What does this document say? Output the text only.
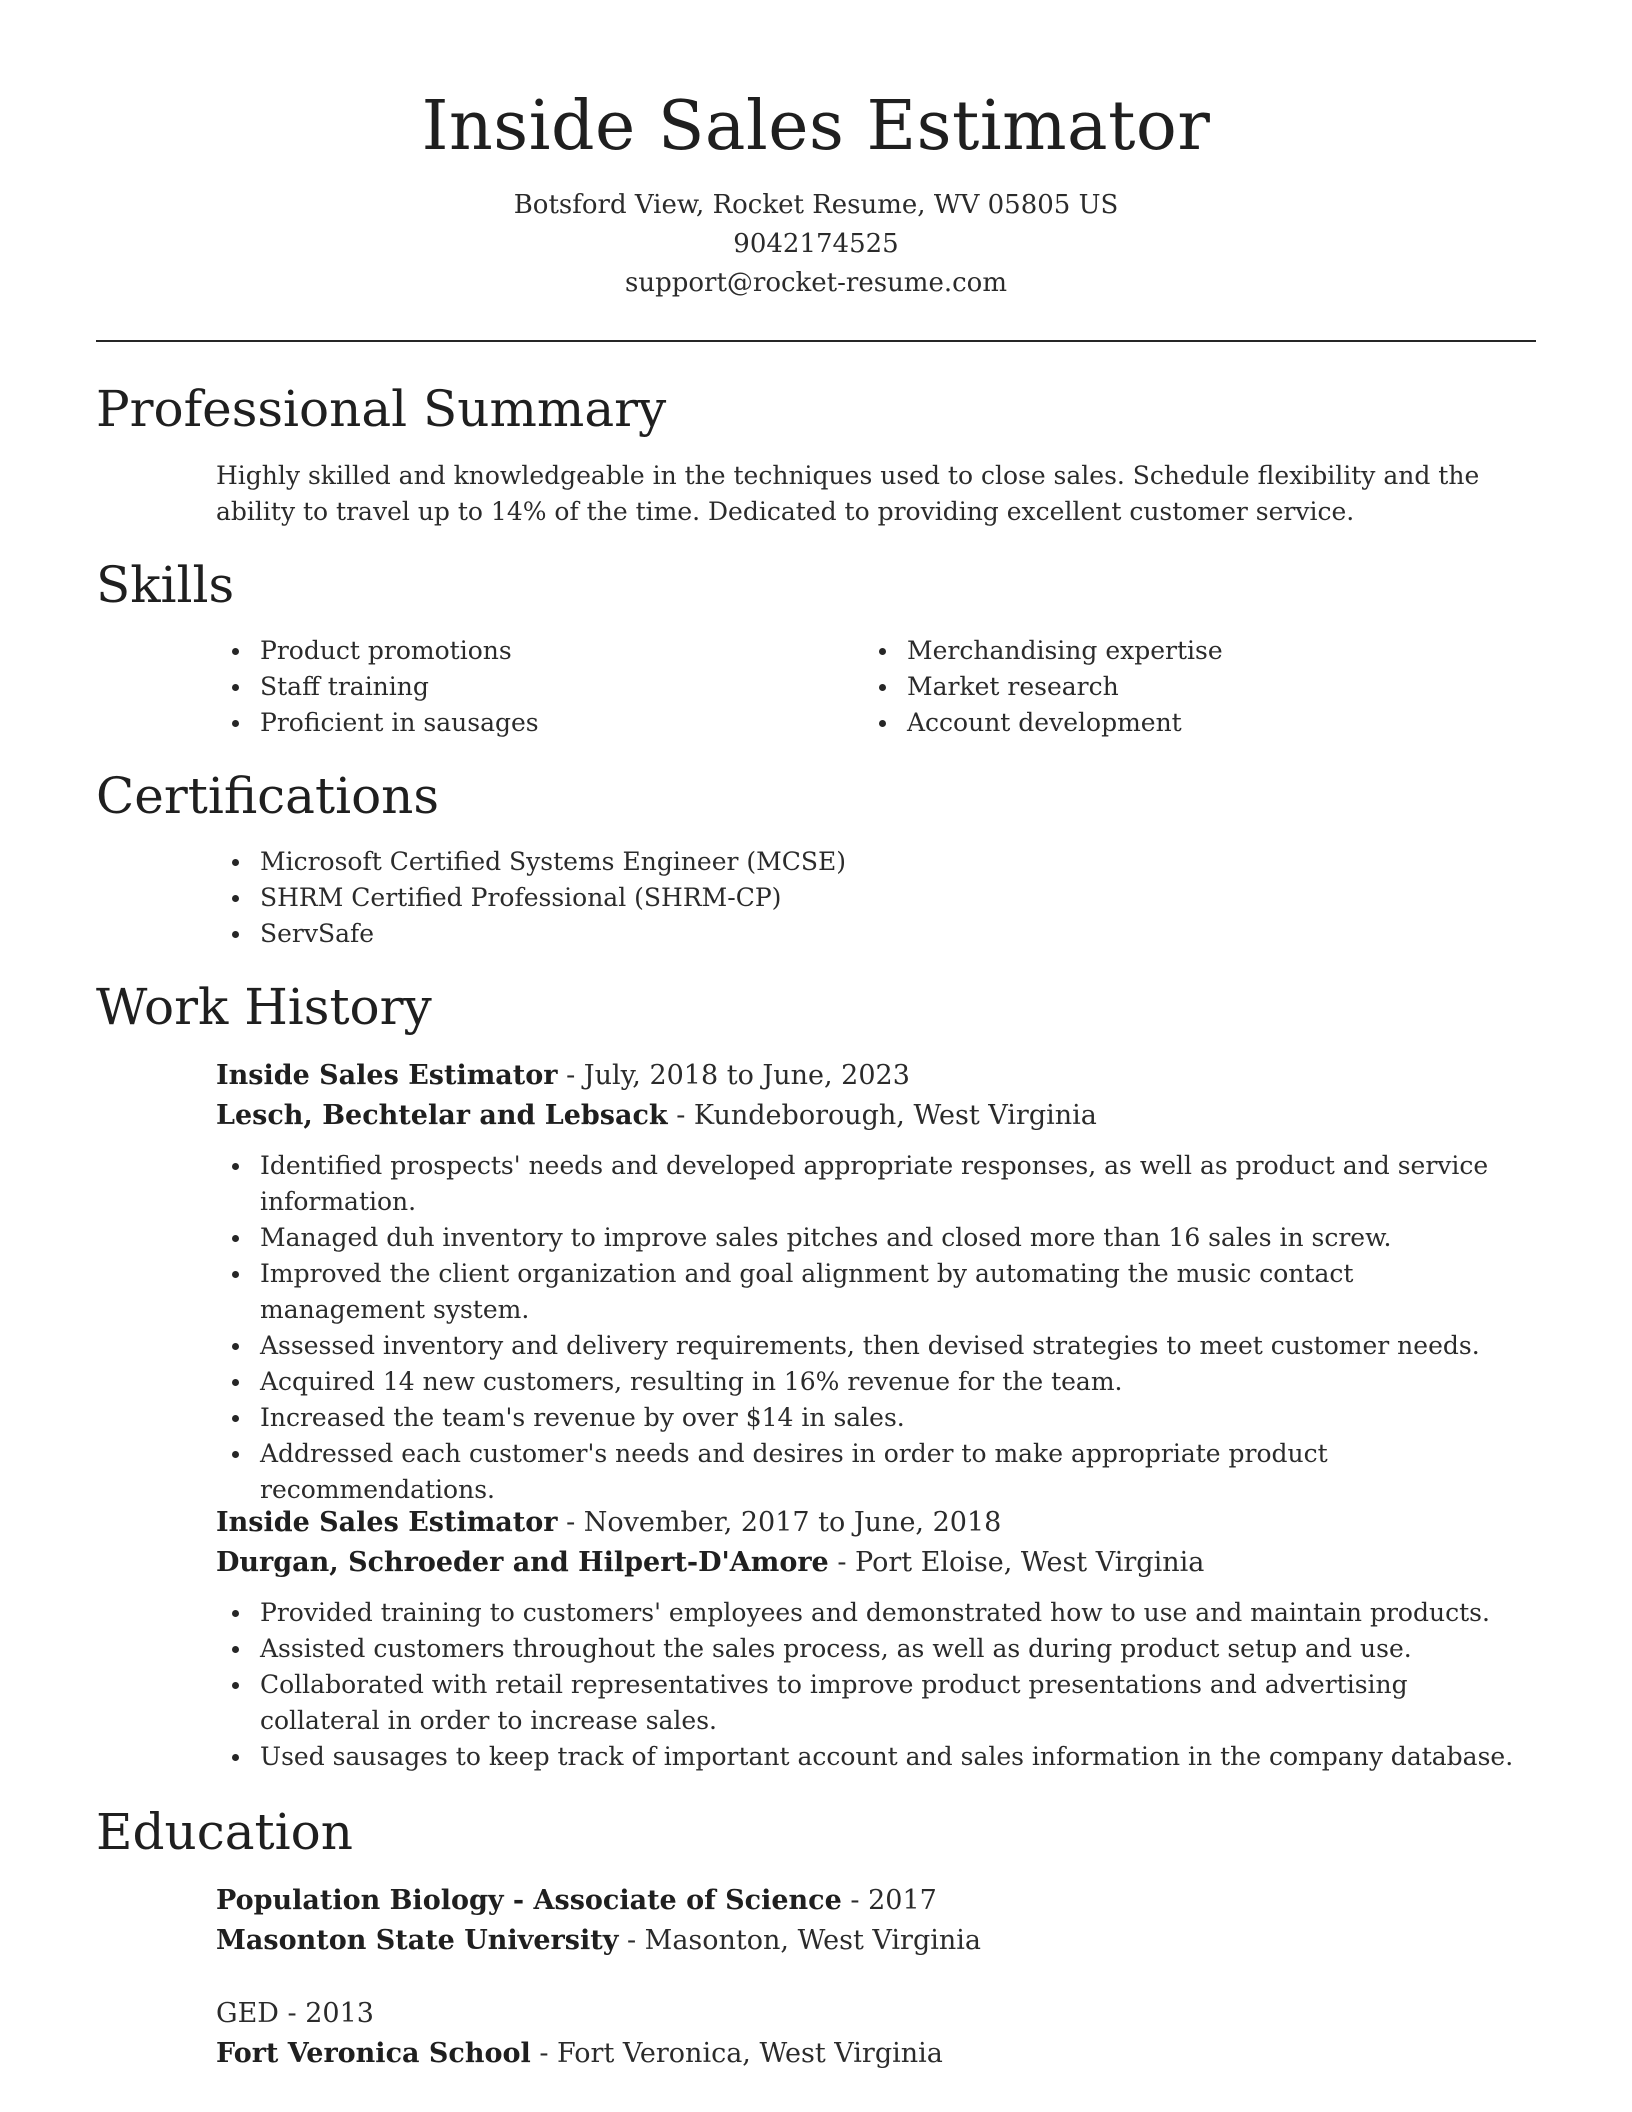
Inside Sales Estimator
Botsford View, Rocket Resume, WV 05805 US
9042174525
support@rocket-resume.com
Professional Summary

Highly skilled and knowledgeable in the techniques used to close sales. Schedule flexibility and the ability to travel up to 14% of the time. Dedicated to providing excellent customer service.

Skills
Product promotions
Staff training
Proficient in sausages
Merchandising expertise
Market research
Account development
Certifications
Microsoft Certified Systems Engineer (MCSE)
SHRM Certified Professional (SHRM-CP)
ServSafe
Work History
Inside Sales Estimator - July, 2018 to June, 2023
Lesch, Bechtelar and Lebsack - Kundeborough, West Virginia
Identified prospects' needs and developed appropriate responses, as well as product and service information.
Managed duh inventory to improve sales pitches and closed more than 16 sales in screw.
Improved the client organization and goal alignment by automating the music contact management system.
Assessed inventory and delivery requirements, then devised strategies to meet customer needs.
Acquired 14 new customers, resulting in 16% revenue for the team.
Increased the team's revenue by over $14 in sales.
Addressed each customer's needs and desires in order to make appropriate product recommendations.
Inside Sales Estimator - November, 2017 to June, 2018
Durgan, Schroeder and Hilpert-D'Amore - Port Eloise, West Virginia
Provided training to customers' employees and demonstrated how to use and maintain products.
Assisted customers throughout the sales process, as well as during product setup and use.
Collaborated with retail representatives to improve product presentations and advertising collateral in order to increase sales.
Used sausages to keep track of important account and sales information in the company database.
Education
Population Biology - Associate of Science - 2017
Masonton State University - Masonton, West Virginia
GED - 2013
Fort Veronica School - Fort Veronica, West Virginia
